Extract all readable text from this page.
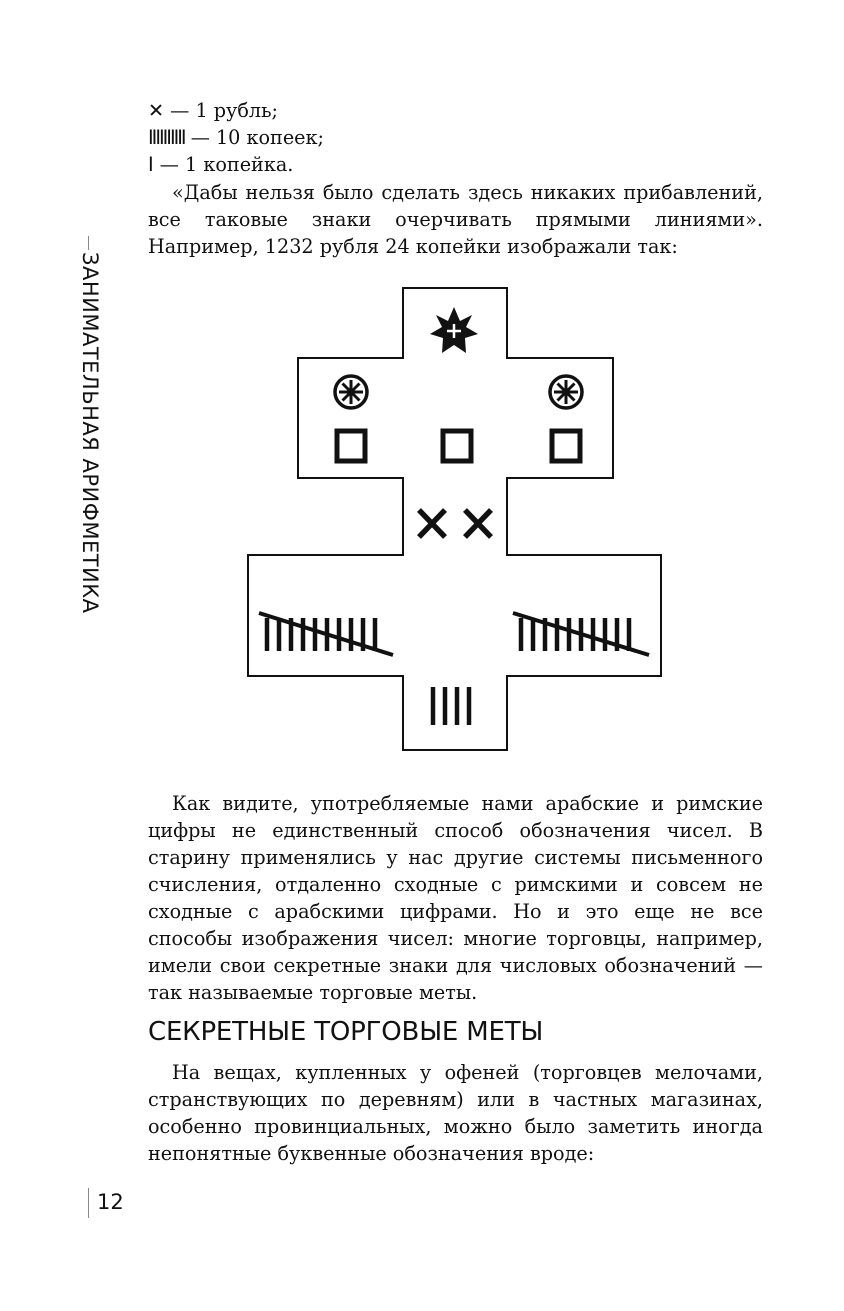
ЗАНИМАТЕЛЬНАЯ АРИФМЕТИКА

✕ — 1 рубль;

IIIIIIIIII — 10 копеек;

I — 1 копейка.

«Дабы нельзя было сделать здесь никаких прибавлений, все таковые знаки очерчивать прямыми линиями». Например, 1232 рубля 24 копейки изображали так:
Как видите, употребляемые нами арабские и римские цифры не единственный способ обозначения чисел. В старину применялись у нас другие системы письменного счисления, отдаленно сходные с римскими и совсем не сходные с арабскими цифрами. Но и это еще не все способы изображения чисел: многие торговцы, например, имели свои секретные знаки для числовых обозначений — так называемые торговые меты.
СЕКРЕТНЫЕ ТОРГОВЫЕ МЕТЫ
На вещах, купленных у офеней (торговцев мелочами, странствующих по деревням) или в частных магазинах, особенно провинциальных, можно было заметить иногда непонятные буквенные обозначения вроде:
12
